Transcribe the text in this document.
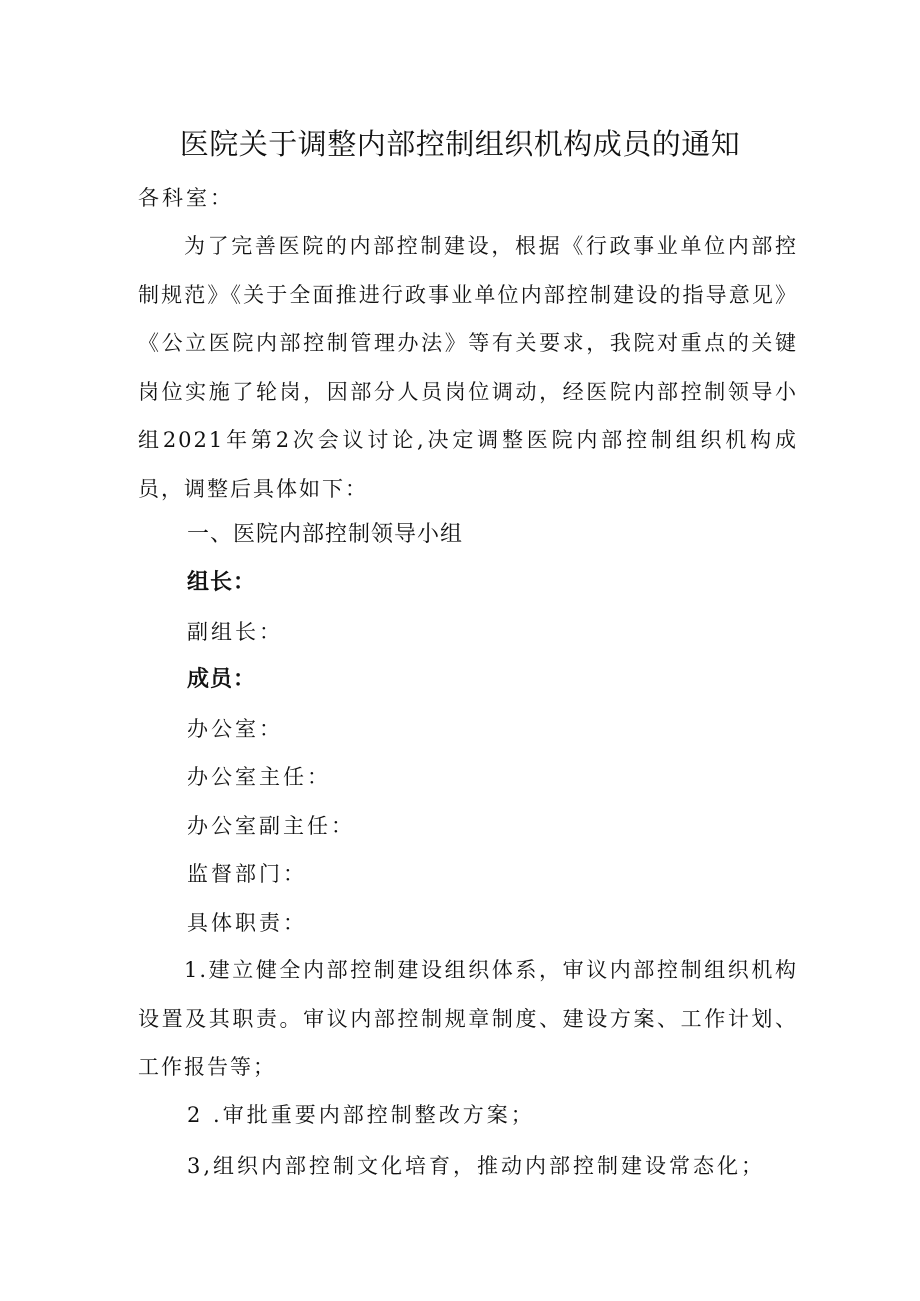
医院关于调整内部控制组织机构成员的通知
各科室：

为了完善医院的内部控制建设，根据《行政事业单位内部控制规范》《关于全面推进行政事业单位内部控制建设的指导意见》《公立医院内部控制管理办法》等有关要求，我院对重点的关键岗位实施了轮岗，因部分人员岗位调动，经医院内部控制领导小组2021年第2次会议讨论,决定调整医院内部控制组织机构成员，调整后具体如下：

一、医院内部控制领导小组
组长：
副组长：
成员：
办公室：
办公室主任：
办公室副主任：
监督部门：
具体职责：

1.建立健全内部控制建设组织体系，审议内部控制组织机构设置及其职责。审议内部控制规章制度、建设方案、工作计划、工作报告等；

2 .审批重要内部控制整改方案；
3,组织内部控制文化培育，推动内部控制建设常态化；
